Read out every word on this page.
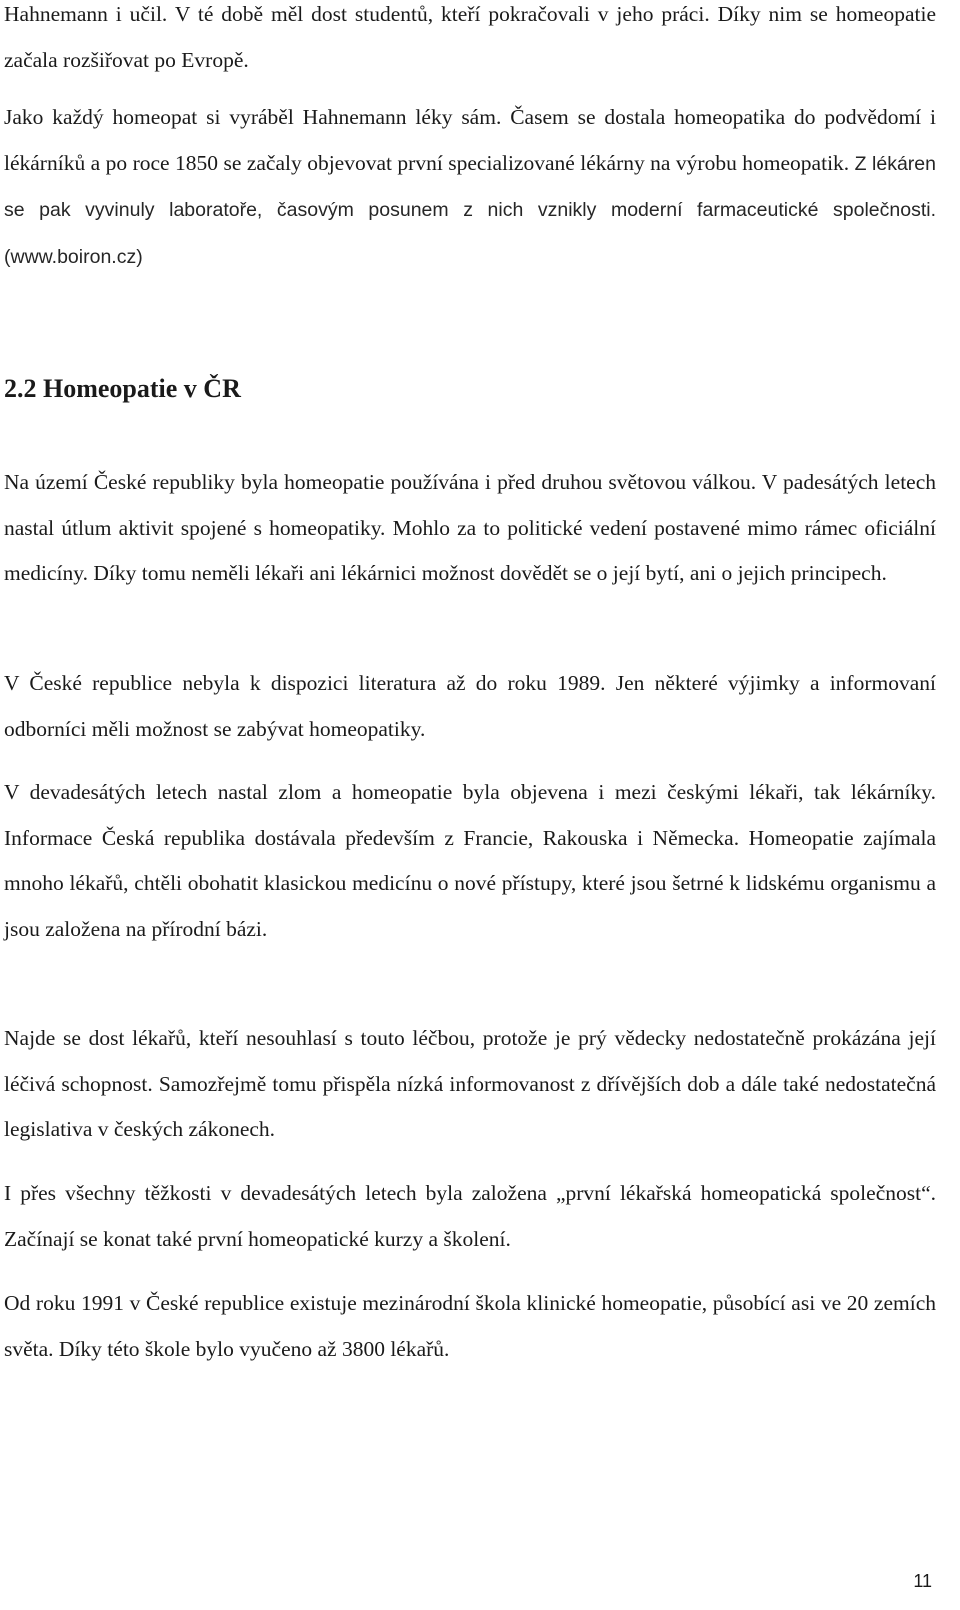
Hahnemann i učil. V té době měl dost studentů, kteří pokračovali v jeho práci. Díky nim se homeopatie začala rozšiřovat po Evropě.

Jako každý homeopat si vyráběl Hahnemann léky sám. Časem se dostala homeopatika do podvědomí i lékárníků a po roce 1850 se začaly objevovat první specializované lékárny na výrobu homeopatik. Z lékáren se pak vyvinuly laboratoře, časovým posunem z nich vznikly moderní farmaceutické společnosti. (www.boiron.cz)

2.2 Homeopatie v ČR

Na území České republiky byla homeopatie používána i před druhou světovou válkou. V padesátých letech nastal útlum aktivit spojené s homeopatiky. Mohlo za to politické vedení postavené mimo rámec oficiální medicíny. Díky tomu neměli lékaři ani lékárnici možnost dovědět se o její bytí, ani o jejich principech.

V České republice nebyla k dispozici literatura až do roku 1989. Jen některé výjimky a informovaní odborníci měli možnost se zabývat homeopatiky.

V devadesátých letech nastal zlom a homeopatie byla objevena i mezi českými lékaři, tak lékárníky. Informace Česká republika dostávala především z Francie, Rakouska i Německa. Homeopatie zajímala mnoho lékařů, chtěli obohatit klasickou medicínu o nové přístupy, které jsou šetrné k lidskému organismu a jsou založena na přírodní bázi.

Najde se dost lékařů, kteří nesouhlasí s touto léčbou, protože je prý vědecky nedostatečně prokázána její léčivá schopnost. Samozřejmě tomu přispěla nízká informovanost z dřívějších dob a dále také nedostatečná legislativa v českých zákonech.

I přes všechny těžkosti v devadesátých letech byla založena „první lékařská homeopatická společnost“. Začínají se konat také první homeopatické kurzy a školení.

Od roku 1991 v České republice existuje mezinárodní škola klinické homeopatie, působící asi ve 20 zemích světa. Díky této škole bylo vyučeno až 3800 lékařů.

11
